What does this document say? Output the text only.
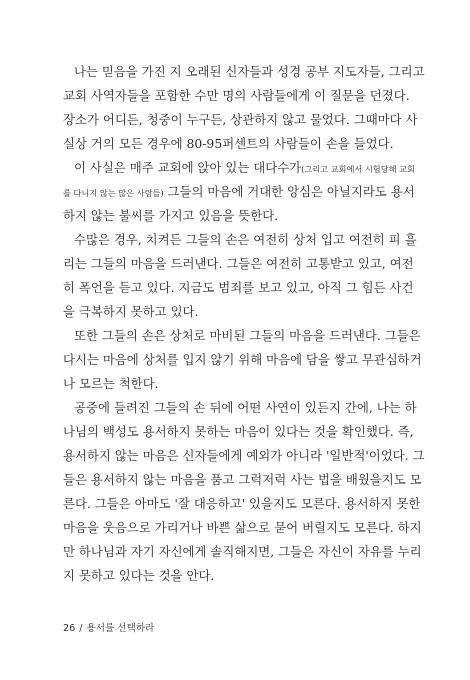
나는 믿음을 가진 지 오래된 신자들과 성경 공부 지도자들, 그리고
교회 사역자들을 포함한 수만 명의 사람들에게 이 질문을 던졌다.
장소가 어디든, 청중이 누구든, 상관하지 않고 물었다. 그때마다 사
실상 거의 모든 경우에 80-95퍼센트의 사람들이 손을 들었다.
이 사실은 매주 교회에 앉아 있는 대다수가(그리고 교회에서 시험당해 교회
를 다니지 않는 많은 사람들) 그들의 마음에 거대한 앙심은 아닐지라도 용서
하지 않는 불씨를 가지고 있음을 뜻한다.
수많은 경우, 치켜든 그들의 손은 여전히 상처 입고 여전히 피 흘
리는 그들의 마음을 드러낸다. 그들은 여전히 고통받고 있고, 여전
히 폭언을 듣고 있다. 지금도 범죄를 보고 있고, 아직 그 힘든 사건
을 극복하지 못하고 있다.
또한 그들의 손은 상처로 마비된 그들의 마음을 드러낸다. 그들은
다시는 마음에 상처를 입지 않기 위해 마음에 담을 쌓고 무관심하거
나 모르는 척한다.
공중에 들려진 그들의 손 뒤에 어떤 사연이 있든지 간에, 나는 하
나님의 백성도 용서하지 못하는 마음이 있다는 것을 확인했다. 즉,
용서하지 않는 마음은 신자들에게 예외가 아니라 '일반적'이었다. 그
들은 용서하지 않는 마음을 품고 그럭저럭 사는 법을 배웠을지도 모
른다. 그들은 아마도 '잘 대응하고' 있을지도 모른다. 용서하지 못한
마음을 웃음으로 가리거나 바쁜 삶으로 묻어 버릴지도 모른다. 하지
만 하나님과 자기 자신에게 솔직해지면, 그들은 자신이 자유를 누리
지 못하고 있다는 것을 안다.
26 / 용서를 선택하라
